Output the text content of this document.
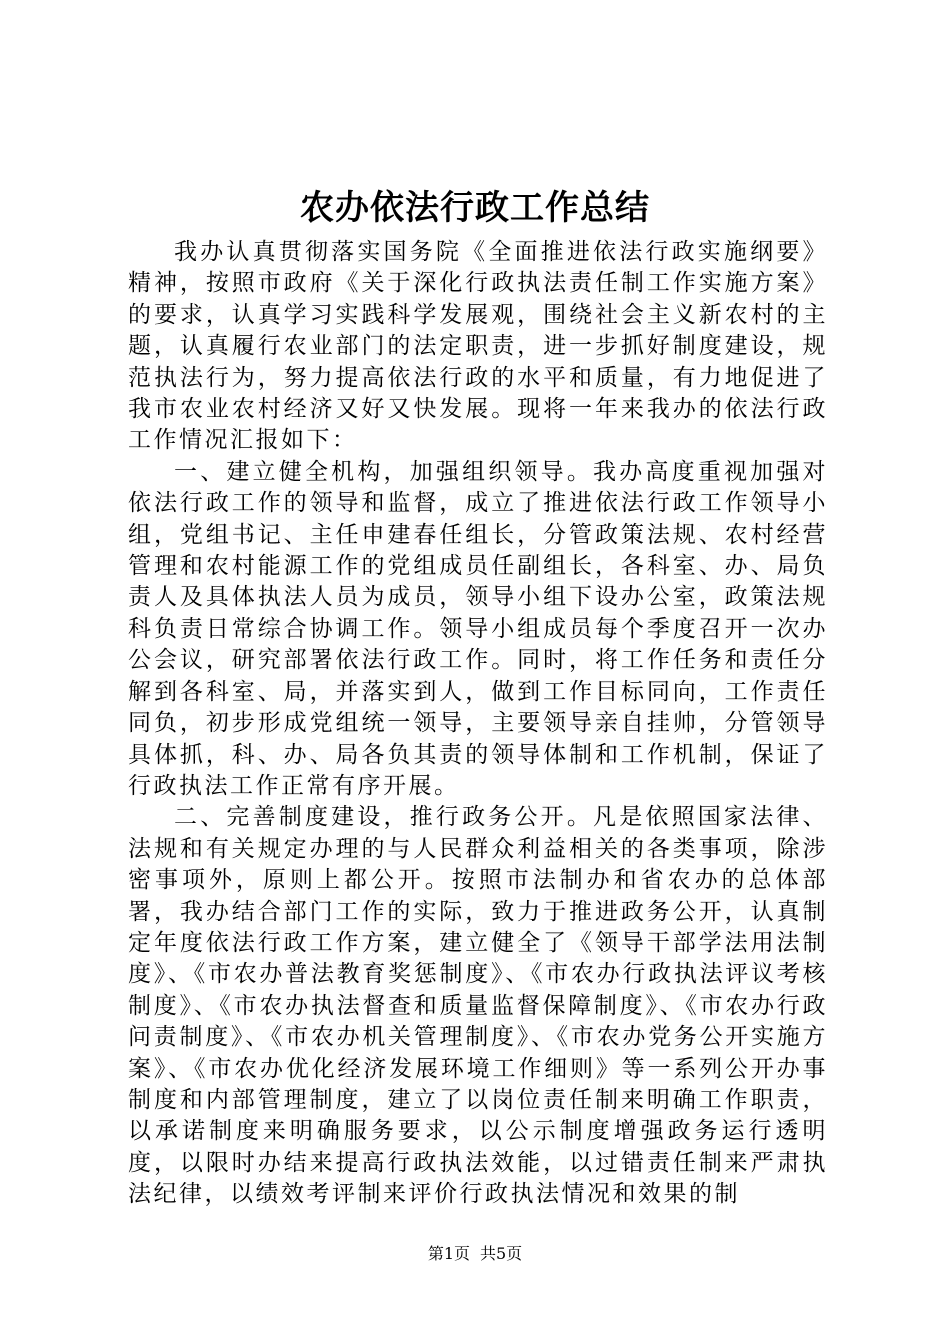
农办依法行政工作总结

我办认真贯彻落实国务院《全面推进依法行政实施纲要》精神，按照市政府《关于深化行政执法责任制工作实施方案》的要求，认真学习实践科学发展观，围绕社会主义新农村的主题，认真履行农业部门的法定职责，进一步抓好制度建设，规范执法行为，努力提高依法行政的水平和质量，有力地促进了我市农业农村经济又好又快发展。现将一年来我办的依法行政工作情况汇报如下：

一、建立健全机构，加强组织领导。我办高度重视加强对依法行政工作的领导和监督，成立了推进依法行政工作领导小组，党组书记、主任申建春任组长，分管政策法规、农村经营管理和农村能源工作的党组成员任副组长，各科室、办、局负责人及具体执法人员为成员，领导小组下设办公室，政策法规科负责日常综合协调工作。领导小组成员每个季度召开一次办公会议，研究部署依法行政工作。同时，将工作任务和责任分解到各科室、局，并落实到人，做到工作目标同向，工作责任同负，初步形成党组统一领导，主要领导亲自挂帅，分管领导具体抓，科、办、局各负其责的领导体制和工作机制，保证了行政执法工作正常有序开展。

二、完善制度建设，推行政务公开。凡是依照国家法律、法规和有关规定办理的与人民群众利益相关的各类事项，除涉密事项外，原则上都公开。按照市法制办和省农办的总体部署，我办结合部门工作的实际，致力于推进政务公开，认真制定年度依法行政工作方案，建立健全了《领导干部学法用法制度》、《市农办普法教育奖惩制度》、《市农办行政执法评议考核制度》、《市农办执法督查和质量监督保障制度》、《市农办行政问责制度》、《市农办机关管理制度》、《市农办党务公开实施方案》、《市农办优化经济发展环境工作细则》等一系列公开办事制度和内部管理制度，建立了以岗位责任制来明确工作职责，以承诺制度来明确服务要求，以公示制度增强政务运行透明度，以限时办结来提高行政执法效能，以过错责任制来严肃执法纪律，以绩效考评制来评价行政执法情况和效果的制

第1页 共5页
